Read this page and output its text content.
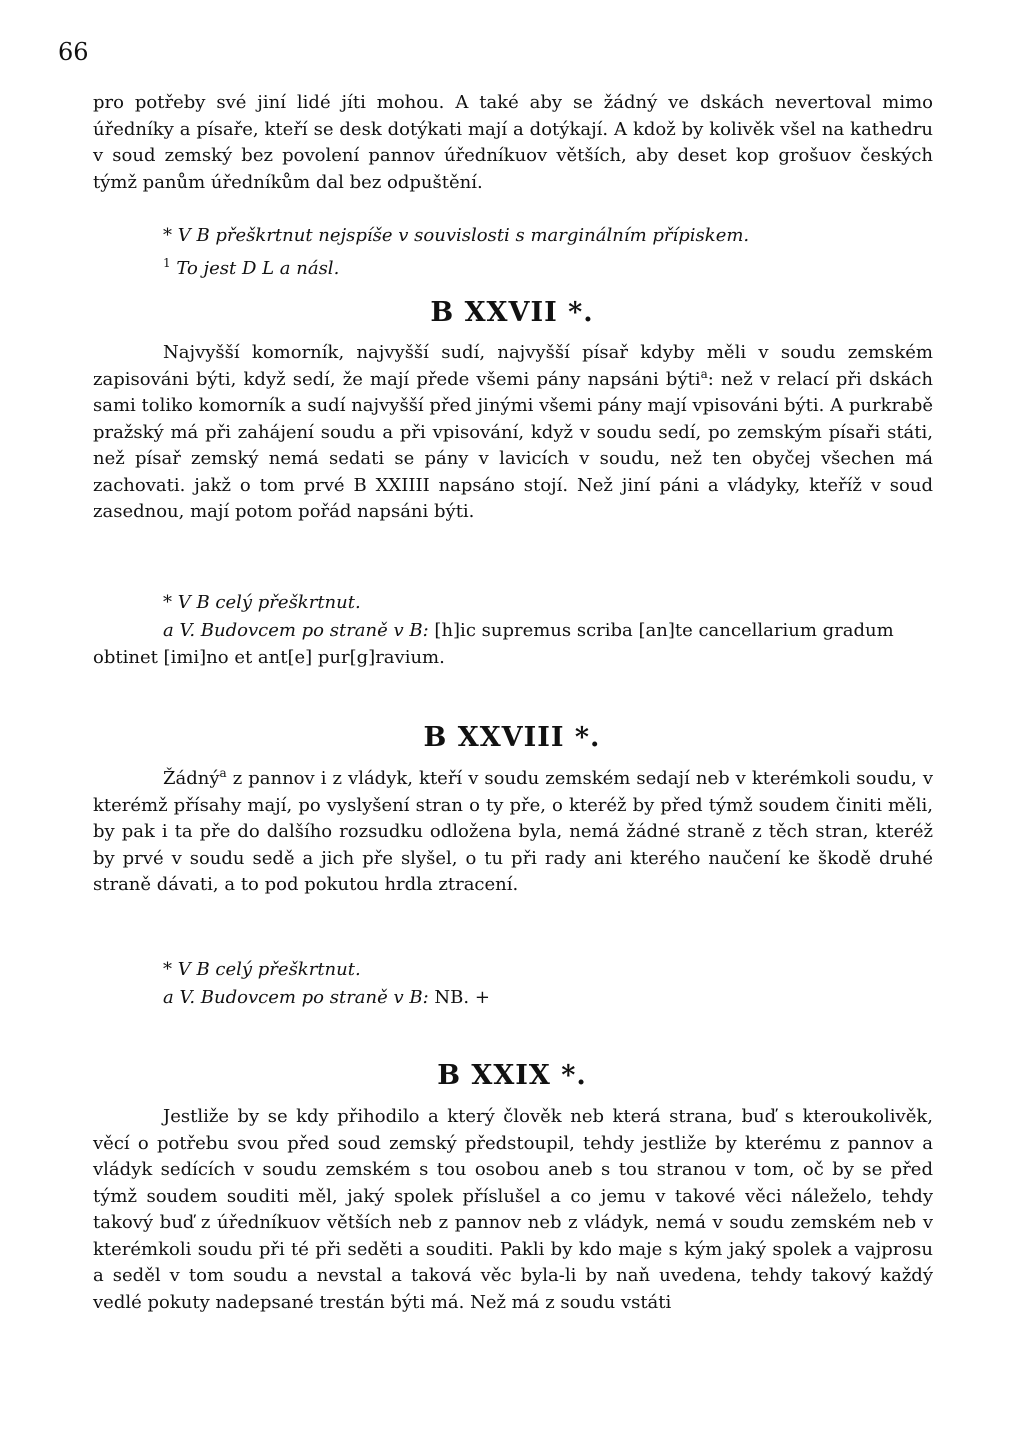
66

pro potřeby své jiní lidé jíti mohou. A také aby se žádný ve dskách nevertoval mimo úředníky a písaře, kteří se desk dotýkati mají a dotýkají. A kdož by kolivěk všel na kathedru v soud zemský bez povolení pannov úředníkuov větších, aby deset kop grošuov českých týmž panům úředníkům dal bez odpuštění.

* V B přeškrtnut nejspíše v souvislosti s marginálním přípiskem.

$^1$ To jest D L a násl.

B XXVII *.

Najvyšší komorník, najvyšší sudí, najvyšší písař kdyby měli v soudu zemském zapisováni býti, když sedí, že mají přede všemi pány napsáni býti$^a$: než v relací při dskách sami toliko komorník a sudí najvyšší před jinými všemi pány mají vpisováni býti. A purkrabě pražský má při zahájení soudu a při vpisování, když v soudu sedí, po zemským písaři státi, než písař zemský nemá sedati se pány v lavicích v soudu, než ten obyčej všechen má zachovati. jakž o tom prvé B XXIIII napsáno stojí. Než jiní páni a vládyky, kteříž v soud zasednou, mají potom pořád napsáni býti.

* V B celý přeškrtnut.

a V. Budovcem po straně v B: [h]ic supremus scriba [an]te cancellarium gradum obtinet [imi]no et ant[e] pur[g]ravium.

B XXVIII *.

Žádný$^a$ z pannov i z vládyk, kteří v soudu zemském sedají neb v kterémkoli soudu, v kterémž přísahy mají, po vyslyšení stran o ty pře, o kteréž by před týmž soudem činiti měli, by pak i ta pře do dalšího rozsudku odložena byla, nemá žádné straně z těch stran, kteréž by prvé v soudu sedě a jich pře slyšel, o tu při rady ani kterého naučení ke škodě druhé straně dávati, a to pod pokutou hrdla ztracení.

* V B celý přeškrtnut.

a V. Budovcem po straně v B: NB. +

B XXIX *.

Jestliže by se kdy přihodilo a který člověk neb která strana, buď s kteroukolivěk, věcí o potřebu svou před soud zemský předstoupil, tehdy jestliže by kterému z pannov a vládyk sedících v soudu zemském s tou osobou aneb s tou stranou v tom, oč by se před týmž soudem souditi měl, jaký spolek příslušel a co jemu v takové věci náleželo, tehdy takový buď z úředníkuov větších neb z pannov neb z vládyk, nemá v soudu zemském neb v kterémkoli soudu při té při seděti a souditi. Pakli by kdo maje s kým jaký spolek a vajprosu a seděl v tom soudu a nevstal a taková věc byla-li by naň uvedena, tehdy takový každý vedlé pokuty nadepsané trestán býti má. Než má z soudu vstáti
